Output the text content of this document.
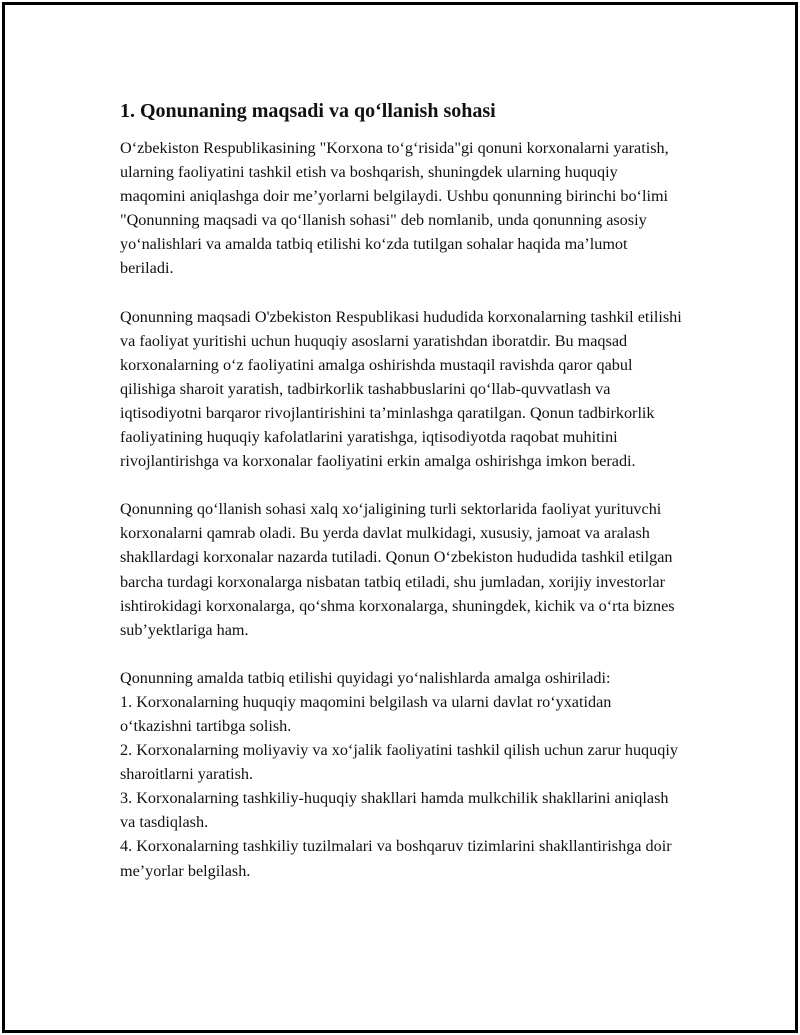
1. Qonunaning maqsadi va qo‘llanish sohasi

O‘zbekiston Respublikasining "Korxona to‘g‘risida"gi qonuni korxonalarni yaratish, ularning faoliyatini tashkil etish va boshqarish, shuningdek ularning huquqiy maqomini aniqlashga doir me’yorlarni belgilaydi. Ushbu qonunning birinchi bo‘limi "Qonunning maqsadi va qo‘llanish sohasi" deb nomlanib, unda qonunning asosiy yo‘nalishlari va amalda tatbiq etilishi ko‘zda tutilgan sohalar haqida ma’lumot beriladi.

Qonunning maqsadi O'zbekiston Respublikasi hududida korxonalarning tashkil etilishi va faoliyat yuritishi uchun huquqiy asoslarni yaratishdan iboratdir. Bu maqsad korxonalarning o‘z faoliyatini amalga oshirishda mustaqil ravishda qaror qabul qilishiga sharoit yaratish, tadbirkorlik tashabbuslarini qo‘llab-quvvatlash va iqtisodiyotni barqaror rivojlantirishini ta’minlashga qaratilgan. Qonun tadbirkorlik faoliyatining huquqiy kafolatlarini yaratishga, iqtisodiyotda raqobat muhitini rivojlantirishga va korxonalar faoliyatini erkin amalga oshirishga imkon beradi.

Qonunning qo‘llanish sohasi xalq xo‘jaligining turli sektorlarida faoliyat yurituvchi korxonalarni qamrab oladi. Bu yerda davlat mulkidagi, xususiy, jamoat va aralash shakllardagi korxonalar nazarda tutiladi. Qonun O‘zbekiston hududida tashkil etilgan barcha turdagi korxonalarga nisbatan tatbiq etiladi, shu jumladan, xorijiy investorlar ishtirokidagi korxonalarga, qo‘shma korxonalarga, shuningdek, kichik va o‘rta biznes sub’yektlariga ham.

Qonunning amalda tatbiq etilishi quyidagi yo‘nalishlarda amalga oshiriladi:

1. Korxonalarning huquqiy maqomini belgilash va ularni davlat ro‘yxatidan o‘tkazishni tartibga solish.
2. Korxonalarning moliyaviy va xo‘jalik faoliyatini tashkil qilish uchun zarur huquqiy sharoitlarni yaratish.
3. Korxonalarning tashkiliy-huquqiy shakllari hamda mulkchilik shakllarini aniqlash va tasdiqlash.
4. Korxonalarning tashkiliy tuzilmalari va boshqaruv tizimlarini shakllantirishga doir me’yorlar belgilash.
